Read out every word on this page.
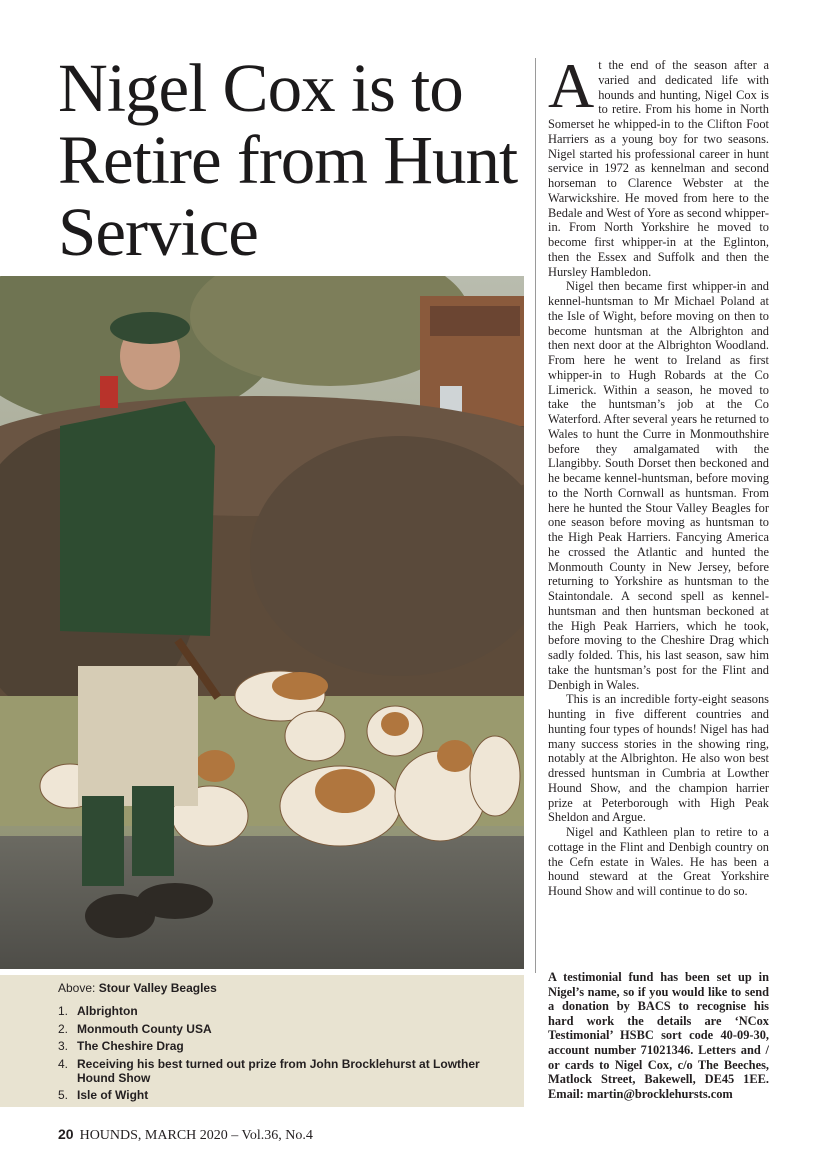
Nigel Cox is to Retire from Hunt Service

At the end of the season after a varied and dedicated life with hounds and hunting, Nigel Cox is to retire. From his home in North Somerset he whipped-in to the Clifton Foot Harriers as a young boy for two seasons. Nigel started his professional career in hunt service in 1972 as kennelman and second horseman to Clarence Webster at the Warwickshire. He moved from here to the Bedale and West of Yore as second whipper-in. From North Yorkshire he moved to become first whipper-in at the Eglinton, then the Essex and Suffolk and then the Hursley Hambledon.

Nigel then became first whipper-in and kennel-huntsman to Mr Michael Poland at the Isle of Wight, before moving on then to become huntsman at the Albrighton and then next door at the Albrighton Woodland. From here he went to Ireland as first whipper-in to Hugh Robards at the Co Limerick. Within a season, he moved to take the huntsman’s job at the Co Waterford. After several years he returned to Wales to hunt the Curre in Monmouthshire before they amalgamated with the Llangibby. South Dorset then beckoned and he became kennel-huntsman, before moving to the North Cornwall as huntsman. From here he hunted the Stour Valley Beagles for one season before moving as huntsman to the High Peak Harriers. Fancying America he crossed the Atlantic and hunted the Monmouth County in New Jersey, before returning to Yorkshire as huntsman to the Staintondale. A second spell as kennel-huntsman and then huntsman beckoned at the High Peak Harriers, which he took, before moving to the Cheshire Drag which sadly folded. This, his last season, saw him take the huntsman’s post for the Flint and Denbigh in Wales.

This is an incredible forty-eight seasons hunting in five different countries and hunting four types of hounds! Nigel has had many success stories in the showing ring, notably at the Albrighton. He also won best dressed huntsman in Cumbria at Lowther Hound Show, and the champion harrier prize at Peterborough with High Peak Sheldon and Argue.

Nigel and Kathleen plan to retire to a cottage in the Flint and Denbigh country on the Cefn estate in Wales. He has been a hound steward at the Great Yorkshire Hound Show and will continue to do so.

A testimonial fund has been set up in Nigel’s name, so if you would like to send a donation by BACS to recognise his hard work the details are ‘NCox Testimonial’ HSBC sort code 40-09-30, account number 71021346. Letters and / or cards to Nigel Cox, c/o The Beeches, Matlock Street, Bakewell, DE45 1EE. Email: martin@brocklehursts.com
Above: Stour Valley Beagles
1. Albrighton
2. Monmouth County USA
3. The Cheshire Drag
4. Receiving his best turned out prize from John Brocklehurst at Lowther Hound Show
5. Isle of Wight
20 HOUNDS, MARCH 2020 – Vol.36, No.4
